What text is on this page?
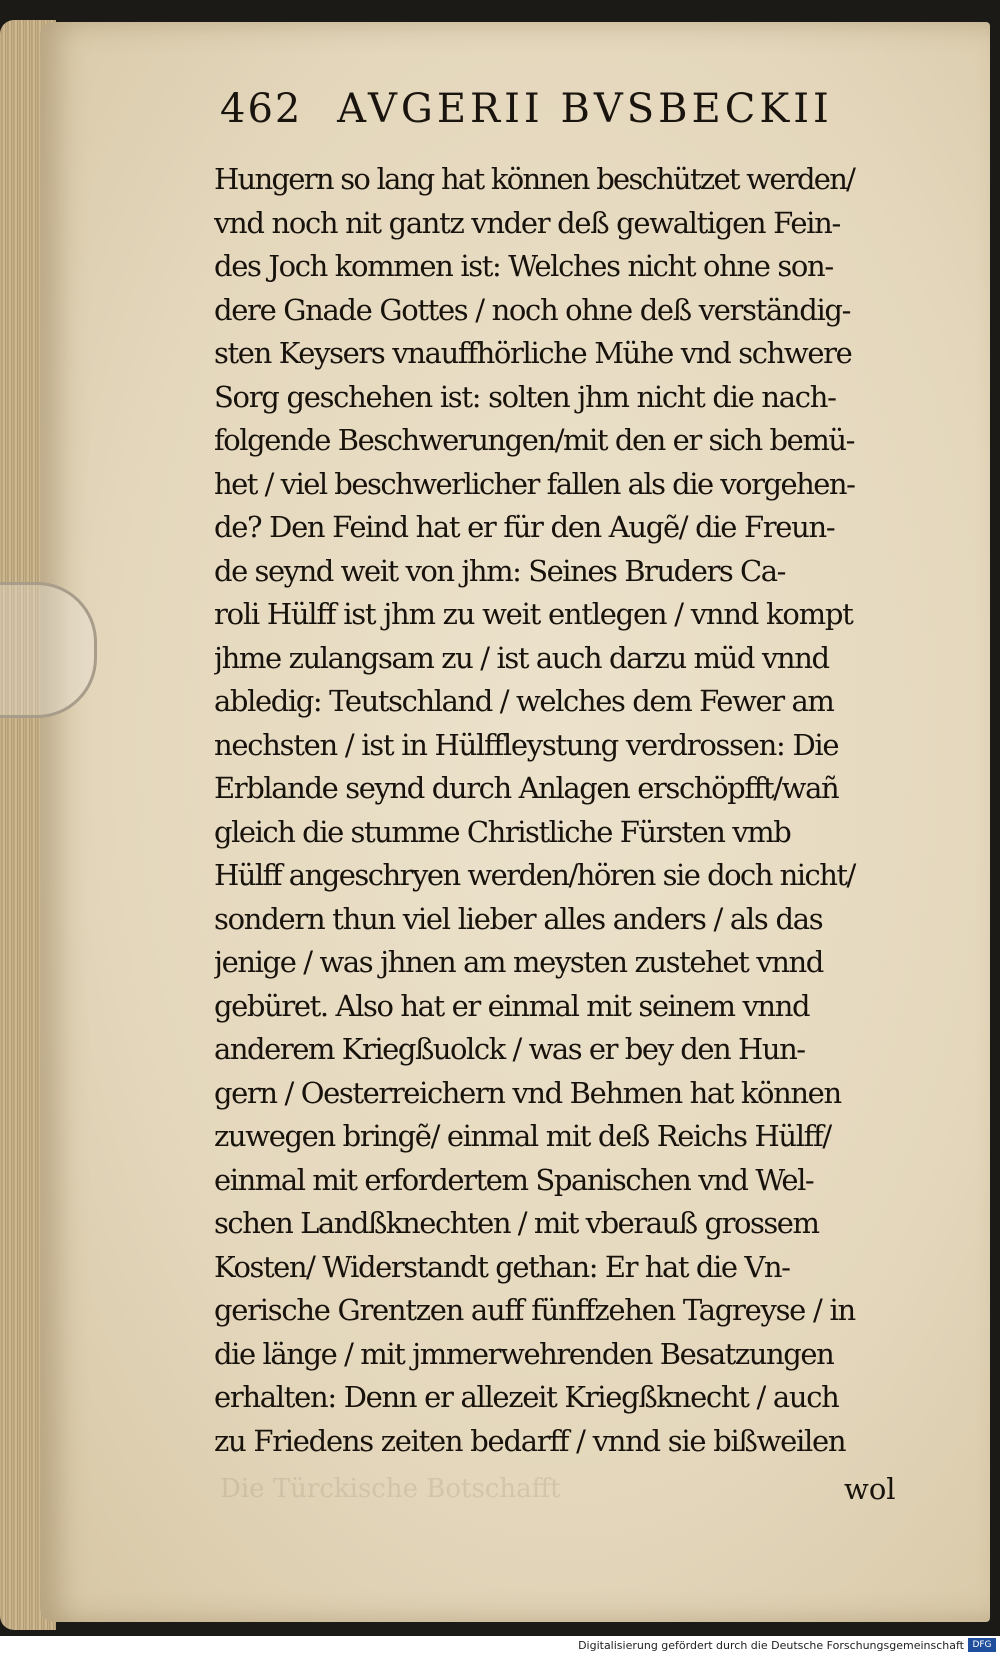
462 AVGERII BVSBECKII
Hungern so lang hat können beschützet werden/
vnd noch nit gantz vnder deß gewaltigen Fein-
des Joch kommen ist: Welches nicht ohne son-
dere Gnade Gottes / noch ohne deß verständig-
sten Keysers vnauffhörliche Mühe vnd schwere
Sorg geschehen ist: solten jhm nicht die nach-
folgende Beschwerungen/mit den er sich bemü-
het / viel beschwerlicher fallen als die vorgehen-
de? Den Feind hat er für den Augẽ/ die Freun-
de seynd weit von jhm: Seines Bruders Ca-
roli Hülff ist jhm zu weit entlegen / vnnd kompt
jhme zulangsam zu / ist auch darzu müd vnnd
abledig: Teutschland / welches dem Fewer am
nechsten / ist in Hülffleystung verdrossen: Die
Erblande seynd durch Anlagen erschöpfft/wañ
gleich die stumme Christliche Fürsten vmb
Hülff angeschryen werden/hören sie doch nicht/
sondern thun viel lieber alles anders / als das
jenige / was jhnen am meysten zustehet vnnd
gebüret. Also hat er einmal mit seinem vnnd
anderem Kriegßuolck / was er bey den Hun-
gern / Oesterreichern vnd Behmen hat können
zuwegen bringẽ/ einmal mit deß Reichs Hülff/
einmal mit erfordertem Spanischen vnd Wel-
schen Landßknechten / mit vberauß grossem
Kosten/ Widerstandt gethan: Er hat die Vn-
gerische Grentzen auff fünffzehen Tagreyse / in
die länge / mit jmmerwehrenden Besatzungen
erhalten: Denn er allezeit Kriegßknecht / auch
zu Friedens zeiten bedarff / vnnd sie bißweilen
Die Türckische Botschafft	wol
Digitalisierung gefördert durch die Deutsche Forschungsgemeinschaft DFG
